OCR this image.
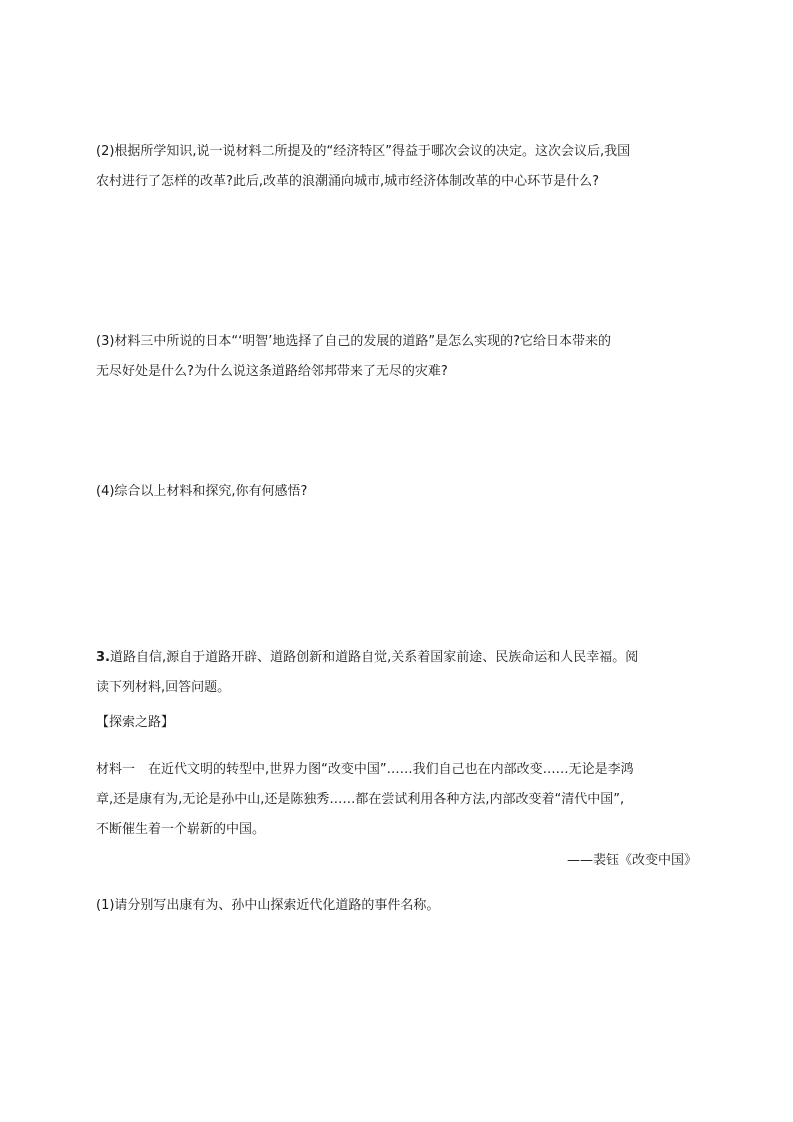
(2)根据所学知识,说一说材料二所提及的“经济特区”得益于哪次会议的决定。这次会议后,我国
农村进行了怎样的改革?此后,改革的浪潮涌向城市,城市经济体制改革的中心环节是什么?

(3)材料三中所说的日本“‘明智’地选择了自己的发展的道路”是怎么实现的?它给日本带来的
无尽好处是什么?为什么说这条道路给邻邦带来了无尽的灾难?

(4)综合以上材料和探究,你有何感悟?

3.道路自信,源自于道路开辟、道路创新和道路自觉,关系着国家前途、民族命运和人民幸福。阅
读下列材料,回答问题。

【探索之路】

材料一　在近代文明的转型中,世界力图“改变中国”……我们自己也在内部改变……无论是李鸿
章,还是康有为,无论是孙中山,还是陈独秀……都在尝试利用各种方法,内部改变着“清代中国”,
不断催生着一个崭新的中国。

——裴钰《改变中国》

(1)请分别写出康有为、孙中山探索近代化道路的事件名称。
